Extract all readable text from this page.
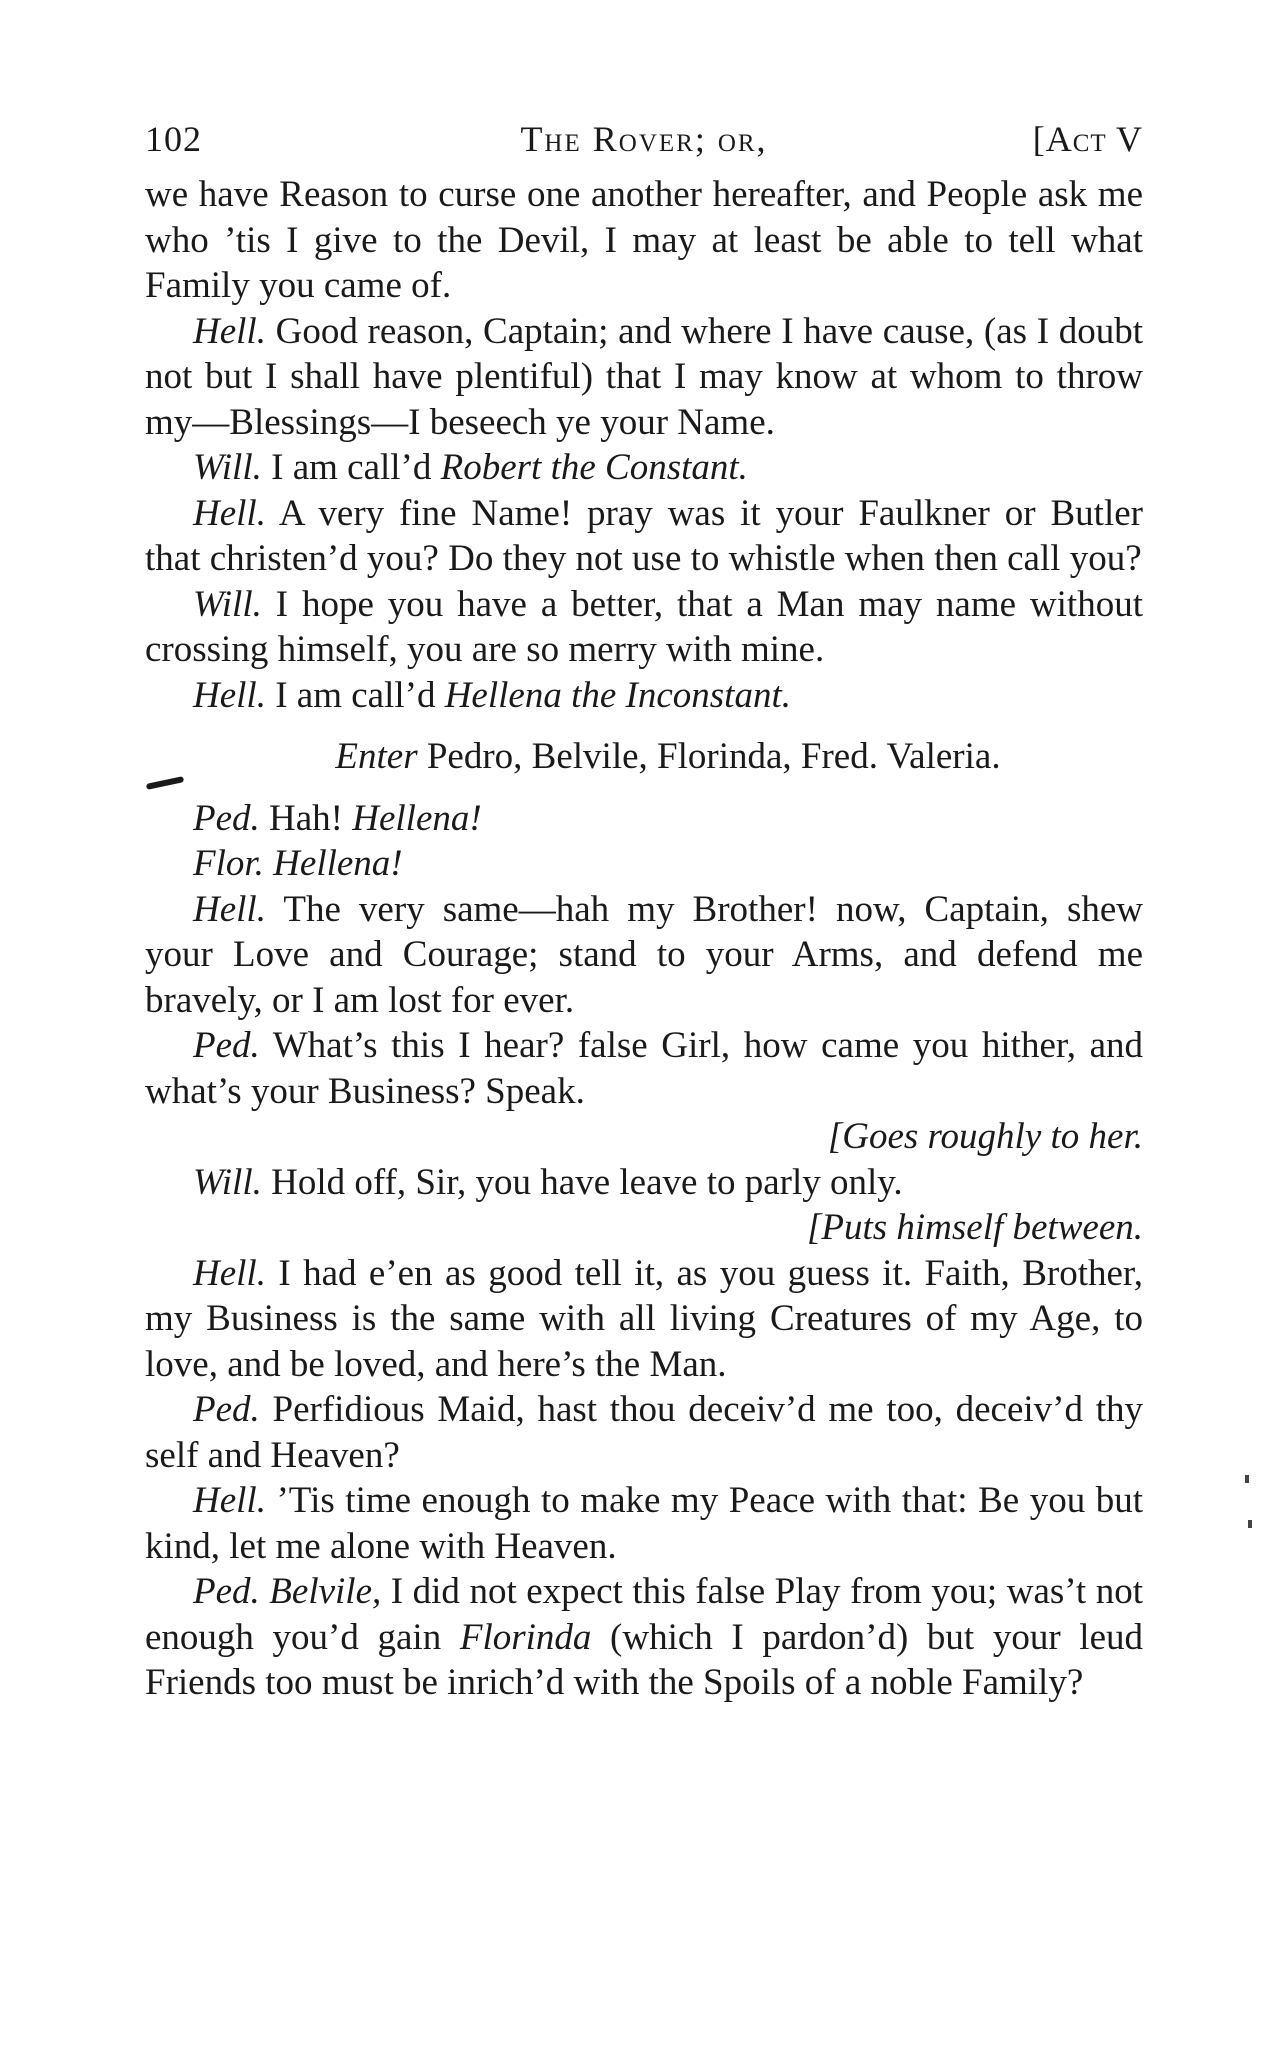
102	The Rover; or,	[Act V

we have Reason to curse one another hereafter, and People ask me who ’tis I give to the Devil, I may at least be able to tell what Family you came of.

Hell. Good reason, Captain; and where I have cause, (as I doubt not but I shall have plentiful) that I may know at whom to throw my—Blessings—I beseech ye your Name.

Will. I am call’d Robert the Constant.

Hell. A very fine Name! pray was it your Faulkner or Butler that christen’d you? Do they not use to whistle when then call you?

Will. I hope you have a better, that a Man may name without crossing himself, you are so merry with mine.

Hell. I am call’d Hellena the Inconstant.

Enter Pedro, Belvile, Florinda, Fred. Valeria.

Ped. Hah! Hellena!

Flor. Hellena!

Hell. The very same—hah my Brother! now, Captain, shew your Love and Courage; stand to your Arms, and defend me bravely, or I am lost for ever.

Ped. What’s this I hear? false Girl, how came you hither, and what’s your Business? Speak.

[Goes roughly to her.

Will. Hold off, Sir, you have leave to parly only.

[Puts himself between.

Hell. I had e’en as good tell it, as you guess it. Faith, Brother, my Business is the same with all living Creatures of my Age, to love, and be loved, and here’s the Man.

Ped. Perfidious Maid, hast thou deceiv’d me too, deceiv’d thy self and Heaven?

Hell. ’Tis time enough to make my Peace with that: Be you but kind, let me alone with Heaven.

Ped. Belvile, I did not expect this false Play from you; was’t not enough you’d gain Florinda (which I pardon’d) but your leud Friends too must be inrich’d with the Spoils of a noble Family?
